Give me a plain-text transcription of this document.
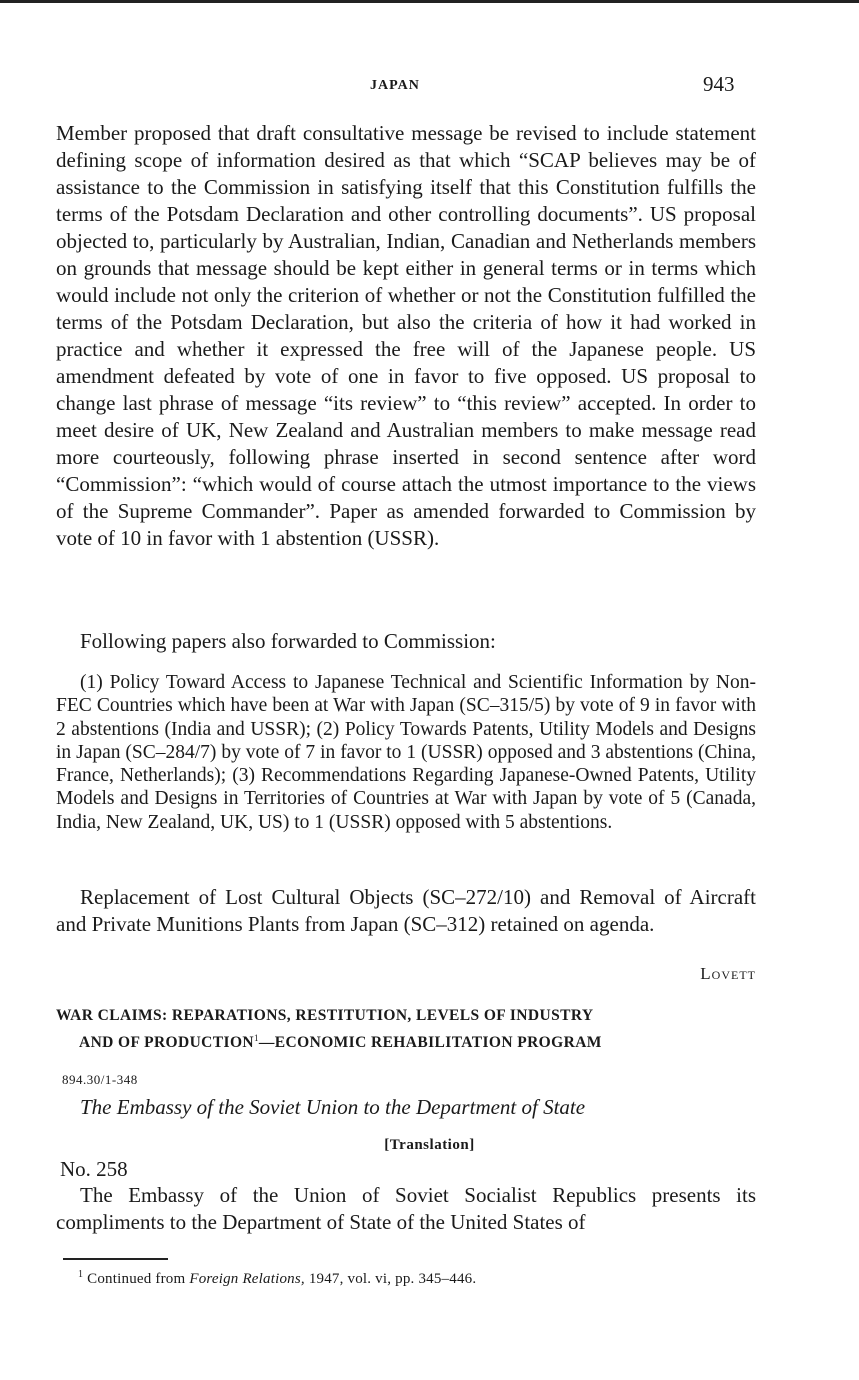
JAPAN	943

Member proposed that draft consultative message be revised to include statement defining scope of information desired as that which “SCAP believes may be of assistance to the Commission in satisfying itself that this Constitution fulfills the terms of the Potsdam Declaration and other controlling documents”. US proposal objected to, particularly by Australian, Indian, Canadian and Netherlands members on grounds that message should be kept either in general terms or in terms which would include not only the criterion of whether or not the Constitution fulfilled the terms of the Potsdam Declaration, but also the criteria of how it had worked in practice and whether it expressed the free will of the Japanese people. US amendment defeated by vote of one in favor to five opposed. US proposal to change last phrase of message “its review” to “this review” accepted. In order to meet desire of UK, New Zealand and Australian members to make message read more courteously, following phrase inserted in second sentence after word “Commission”: “which would of course attach the utmost importance to the views of the Supreme Commander”. Paper as amended forwarded to Commission by vote of 10 in favor with 1 abstention (USSR).

Following papers also forwarded to Commission:

(1) Policy Toward Access to Japanese Technical and Scientific Information by Non-FEC Countries which have been at War with Japan (SC–315/5) by vote of 9 in favor with 2 abstentions (India and USSR); (2) Policy Towards Patents, Utility Models and Designs in Japan (SC–284/7) by vote of 7 in favor to 1 (USSR) opposed and 3 abstentions (China, France, Netherlands); (3) Recommendations Regarding Japanese-Owned Patents, Utility Models and Designs in Territories of Countries at War with Japan by vote of 5 (Canada, India, New Zealand, UK, US) to 1 (USSR) opposed with 5 abstentions.

Replacement of Lost Cultural Objects (SC–272/10) and Removal of Aircraft and Private Munitions Plants from Japan (SC–312) retained on agenda.

Lovett
WAR CLAIMS: REPARATIONS, RESTITUTION, LEVELS OF INDUSTRY
AND OF PRODUCTION$^1$—ECONOMIC REHABILITATION PROGRAM
894.30/1-348
The Embassy of the Soviet Union to the Department of State
[Translation]
No. 258

The Embassy of the Union of Soviet Socialist Republics presents its compliments to the Department of State of the United States of

$^1$ Continued from Foreign Relations, 1947, vol. vi, pp. 345–446.
